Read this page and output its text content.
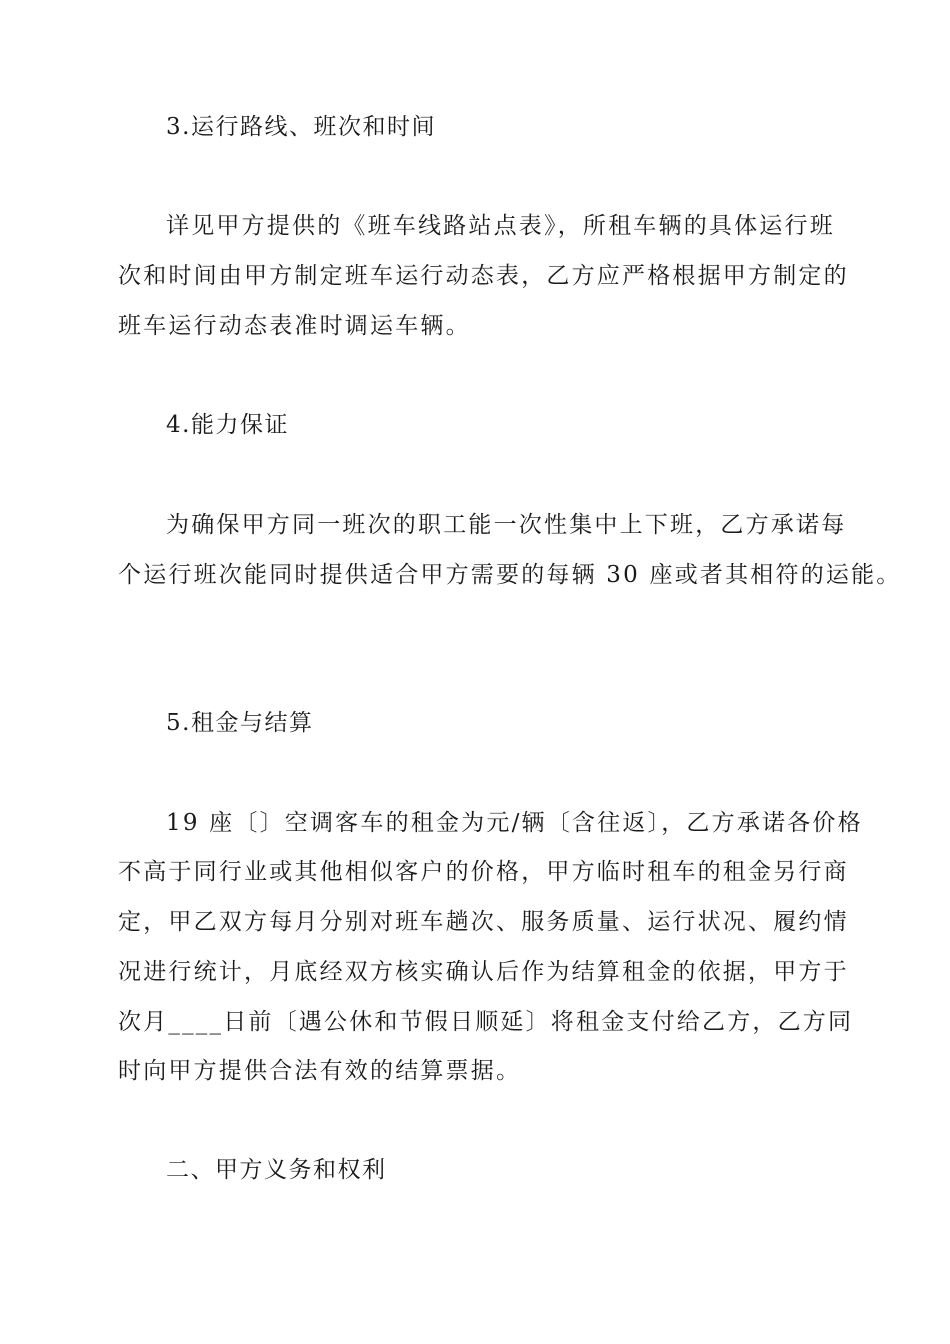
3.运行路线、班次和时间
详见甲方提供的《班车线路站点表》，所租车辆的具体运行班
次和时间由甲方制定班车运行动态表，乙方应严格根据甲方制定的
班车运行动态表准时调运车辆。
4.能力保证
为确保甲方同一班次的职工能一次性集中上下班，乙方承诺每
个运行班次能同时提供适合甲方需要的每辆 30 座或者其相符的运能。
5.租金与结算
19 座〔〕空调客车的租金为元/辆〔含往返〕，乙方承诺各价格
不高于同行业或其他相似客户的价格，甲方临时租车的租金另行商
定，甲乙双方每月分别对班车趟次、服务质量、运行状况、履约情
况进行统计，月底经双方核实确认后作为结算租金的依据，甲方于
次月____日前〔遇公休和节假日顺延〕将租金支付给乙方，乙方同
时向甲方提供合法有效的结算票据。
二、甲方义务和权利
